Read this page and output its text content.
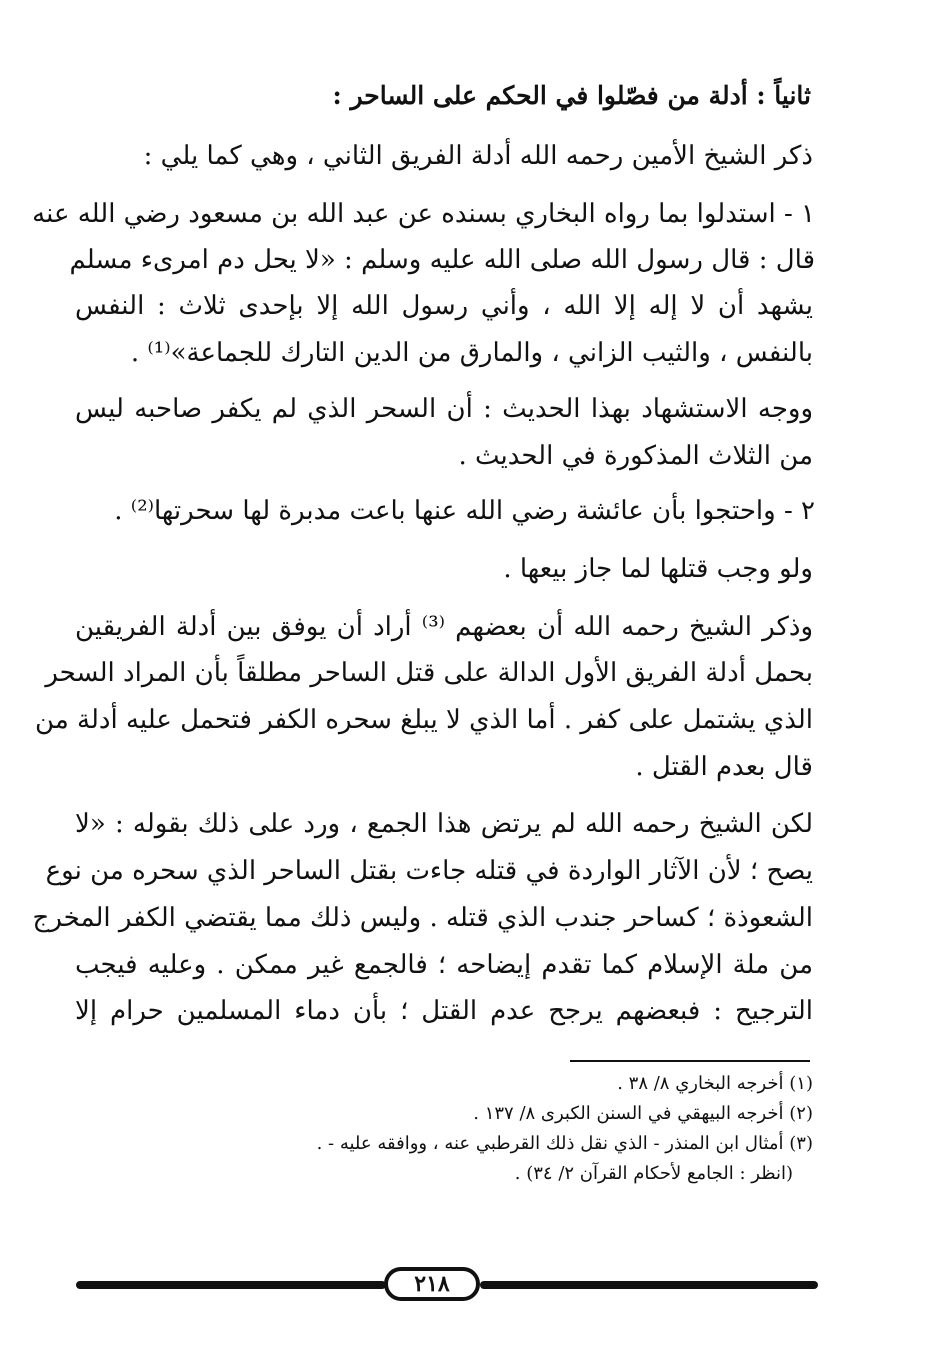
ثانياً : أدلة من فصّلوا في الحكم على الساحر :
ذكر الشيخ الأمين رحمه الله أدلة الفريق الثاني ، وهي كما يلي :
١ - استدلوا بما رواه البخاري بسنده عن عبد الله بن مسعود رضي الله عنه
قال : قال رسول الله صلى الله عليه وسلم : «لا يحل دم امرىء مسلم
يشهد أن لا إله إلا الله ، وأني رسول الله إلا بإحدى ثلاث : النفس
بالنفس ، والثيب الزاني ، والمارق من الدين التارك للجماعة»⁽¹⁾ .
ووجه الاستشهاد بهذا الحديث : أن السحر الذي لم يكفر صاحبه ليس
من الثلاث المذكورة في الحديث .
٢ - واحتجوا بأن عائشة رضي الله عنها باعت مدبرة لها سحرتها⁽²⁾ .
ولو وجب قتلها لما جاز بيعها .
وذكر الشيخ رحمه الله أن بعضهم ⁽³⁾ أراد أن يوفق بين أدلة الفريقين
بحمل أدلة الفريق الأول الدالة على قتل الساحر مطلقاً بأن المراد السحر
الذي يشتمل على كفر . أما الذي لا يبلغ سحره الكفر فتحمل عليه أدلة من
قال بعدم القتل .
لكن الشيخ رحمه الله لم يرتض هذا الجمع ، ورد على ذلك بقوله : «لا
يصح ؛ لأن الآثار الواردة في قتله جاءت بقتل الساحر الذي سحره من نوع
الشعوذة ؛ كساحر جندب الذي قتله . وليس ذلك مما يقتضي الكفر المخرج
من ملة الإسلام كما تقدم إيضاحه ؛ فالجمع غير ممكن . وعليه فيجب
الترجيح : فبعضهم يرجح عدم القتل ؛ بأن دماء المسلمين حرام إلا
(١) أخرجه البخاري ٨/ ٣٨ .
(٢) أخرجه البيهقي في السنن الكبرى ٨/ ١٣٧ .
(٣) أمثال ابن المنذر - الذي نقل ذلك القرطبي عنه ، ووافقه عليه - .
(انظر : الجامع لأحكام القرآن ٢/ ٣٤) .
٢١٨
